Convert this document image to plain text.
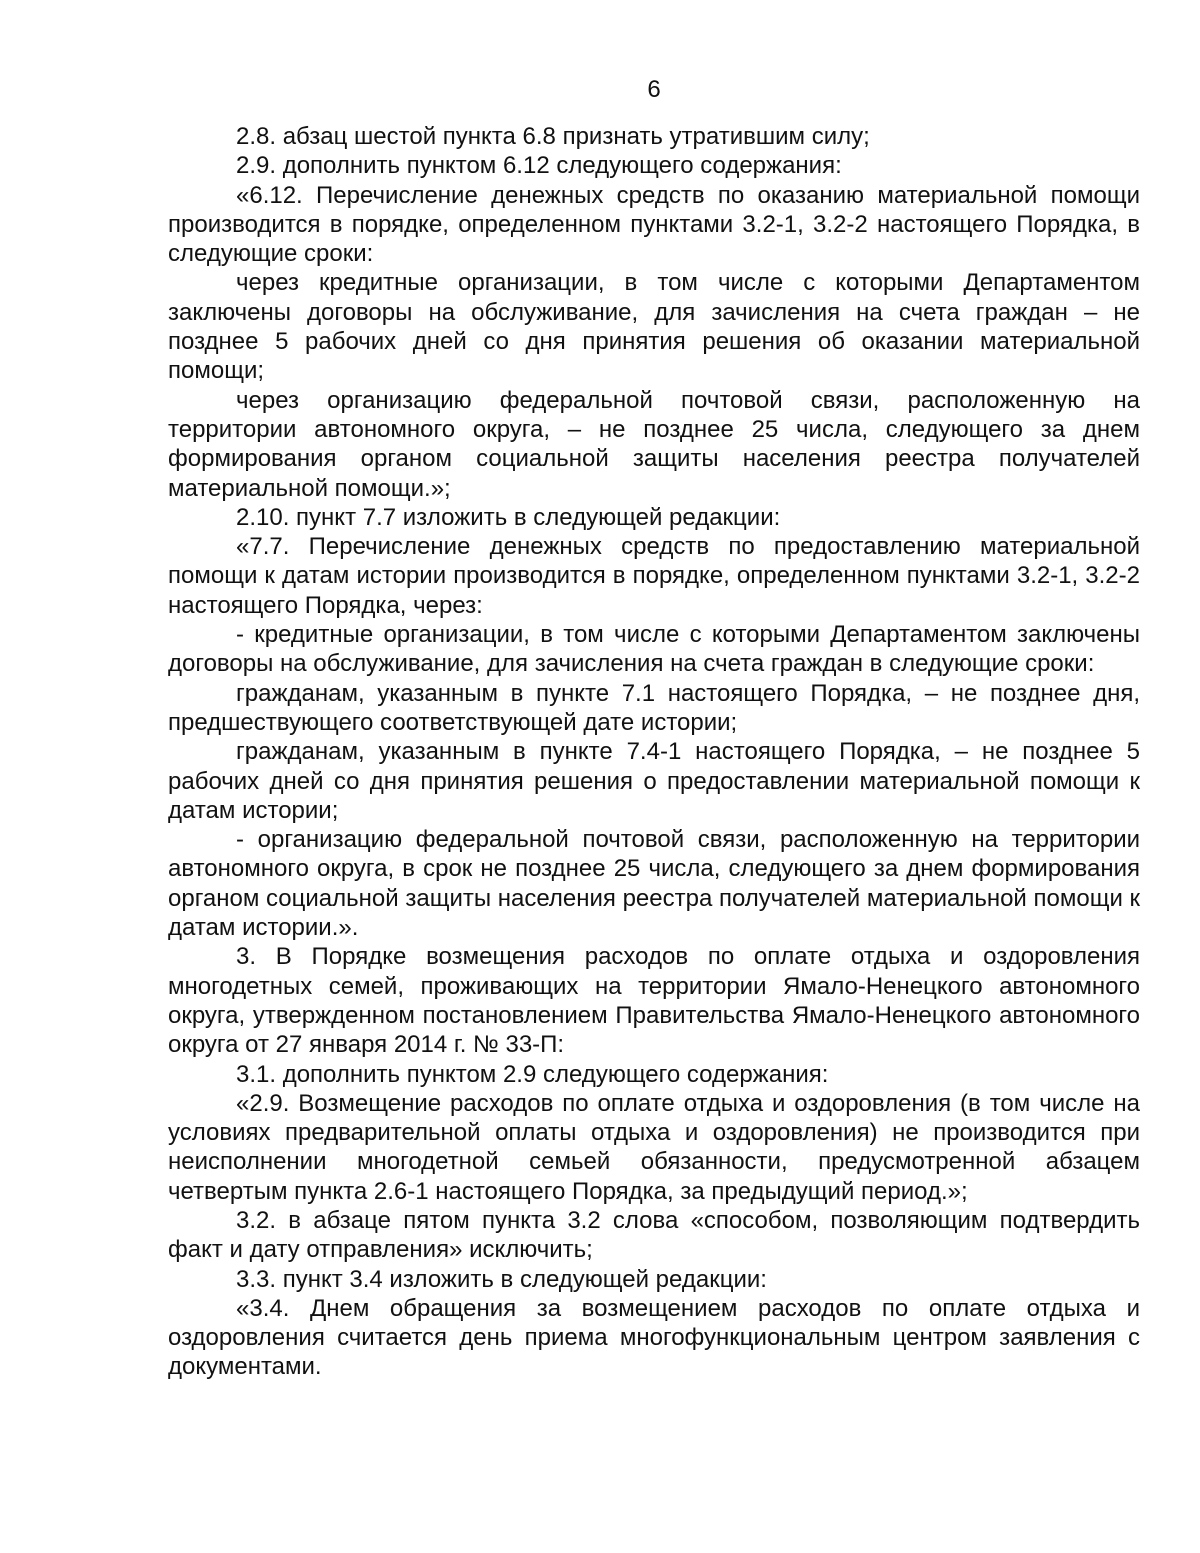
6

2.8. абзац шестой пункта 6.8 признать утратившим силу;

2.9. дополнить пунктом 6.12 следующего содержания:

«6.12. Перечисление денежных средств по оказанию материальной помощи производится в порядке, определенном пунктами 3.2-1, 3.2-2 настоящего Порядка, в следующие сроки:

через кредитные организации, в том числе с которыми Департаментом заключены договоры на обслуживание, для зачисления на счета граждан – не позднее 5 рабочих дней со дня принятия решения об оказании материальной помощи;

через организацию федеральной почтовой связи, расположенную на территории автономного округа, – не позднее 25 числа, следующего за днем формирования органом социальной защиты населения реестра получателей материальной помощи.»;

2.10. пункт 7.7 изложить в следующей редакции:

«7.7. Перечисление денежных средств по предоставлению материальной помощи к датам истории производится в порядке, определенном пунктами 3.2-1, 3.2-2 настоящего Порядка, через:

- кредитные организации, в том числе с которыми Департаментом заключены договоры на обслуживание, для зачисления на счета граждан в следующие сроки:

гражданам, указанным в пункте 7.1 настоящего Порядка, – не позднее дня, предшествующего соответствующей дате истории;

гражданам, указанным в пункте 7.4-1 настоящего Порядка, – не позднее 5 рабочих дней со дня принятия решения о предоставлении материальной помощи к датам истории;

- организацию федеральной почтовой связи, расположенную на территории автономного округа, в срок не позднее 25 числа, следующего за днем формирования органом социальной защиты населения реестра получателей материальной помощи к датам истории.».

3. В Порядке возмещения расходов по оплате отдыха и оздоровления многодетных семей, проживающих на территории Ямало-Ненецкого автономного округа, утвержденном постановлением Правительства Ямало-Ненецкого автономного округа от 27 января 2014 г. № 33-П:

3.1. дополнить пунктом 2.9 следующего содержания:

«2.9. Возмещение расходов по оплате отдыха и оздоровления (в том числе на условиях предварительной оплаты отдыха и оздоровления) не производится при неисполнении многодетной семьей обязанности, предусмотренной абзацем четвертым пункта 2.6-1 настоящего Порядка, за предыдущий период.»;

3.2. в абзаце пятом пункта 3.2 слова «способом, позволяющим подтвердить факт и дату отправления» исключить;

3.3. пункт 3.4 изложить в следующей редакции:

«3.4. Днем обращения за возмещением расходов по оплате отдыха и оздоровления считается день приема многофункциональным центром заявления с документами.
